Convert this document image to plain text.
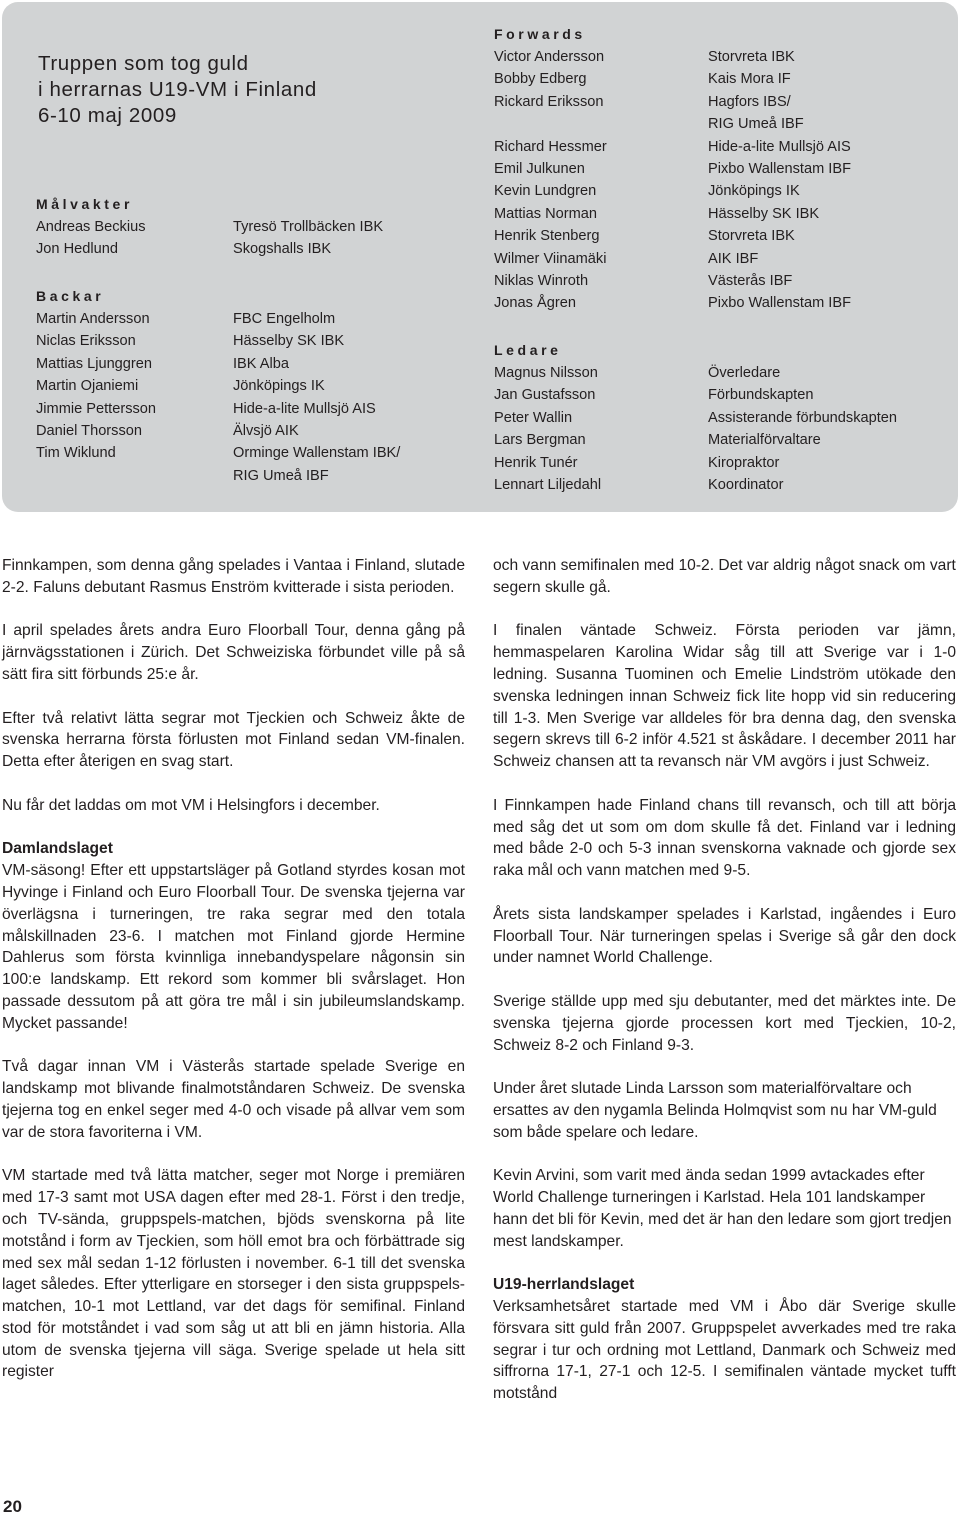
Truppen som tog guld
i herrarnas U19-VM i Finland
6-10 maj 2009
Målvakter
Andreas Beckius
Jon Hedlund
Tyresö Trollbäcken IBK
Skogshalls IBK
Backar
Martin Andersson
Niclas Eriksson
Mattias Ljunggren
Martin Ojaniemi
Jimmie Pettersson
Daniel Thorsson
Tim Wiklund
FBC Engelholm
Hässelby SK IBK
IBK Alba
Jönköpings IK
Hide-a-lite Mullsjö AIS
Älvsjö AIK
Orminge Wallenstam IBK/
RIG Umeå IBF
Forwards
Victor Andersson
Bobby Edberg
Rickard Eriksson

Richard Hessmer
Emil Julkunen
Kevin Lundgren
Mattias Norman
Henrik Stenberg
Wilmer Viinamäki
Niklas Winroth
Jonas Ågren
Storvreta IBK
Kais Mora IF
Hagfors IBS/
RIG Umeå IBF
Hide-a-lite Mullsjö AIS
Pixbo Wallenstam IBF
Jönköpings IK
Hässelby SK IBK
Storvreta IBK
AIK IBF
Västerås IBF
Pixbo Wallenstam IBF
Ledare
Magnus Nilsson
Jan Gustafsson
Peter Wallin
Lars Bergman
Henrik Tunér
Lennart Liljedahl
Överledare
Förbundskapten
Assisterande förbundskapten
Materialförvaltare
Kiropraktor
Koordinator

Finnkampen, som denna gång spelades i Vantaa i Finland, slutade 2-2. Faluns debutant Rasmus Enström kvitterade i sista perioden.

I april spelades årets andra Euro Floorball Tour, denna gång på järnvägsstationen i Zürich. Det Schweiziska förbundet ville på så sätt fira sitt förbunds 25:e år.

Efter två relativt lätta segrar mot Tjeckien och Schweiz åkte de svenska herrarna första förlusten mot Finland sedan VM-finalen. Detta efter återigen en svag start.

Nu får det laddas om mot VM i Helsingfors i december.

Damlandslaget

VM-säsong! Efter ett uppstartsläger på Gotland styrdes kosan mot Hyvinge i Finland och Euro Floorball Tour. De svenska tjejerna var överlägsna i turneringen, tre raka segrar med den totala målskillnaden 23-6. I matchen mot Finland gjorde Hermine Dahlerus som första kvinnliga innebandyspelare någonsin sin 100:e landskamp. Ett rekord som kommer bli svårslaget. Hon passade dessutom på att göra tre mål i sin jubileumslandskamp. Mycket passande!

Två dagar innan VM i Västerås startade spelade Sverige en landskamp mot blivande finalmotståndaren Schweiz. De svenska tjejerna tog en enkel seger med 4-0 och visade på allvar vem som var de stora favoriterna i VM.

VM startade med två lätta matcher, seger mot Norge i premiären med 17-3 samt mot USA dagen efter med 28-1. Först i den tredje, och TV-sända, gruppspels-matchen, bjöds svenskorna på lite motstånd i form av Tjeckien, som höll emot bra och förbättrade sig med sex mål sedan 1-12 förlusten i november. 6-1 till det svenska laget således. Efter ytterligare en storseger i den sista gruppspels-matchen, 10-1 mot Lettland, var det dags för semifinal. Finland stod för motståndet i vad som såg ut att bli en jämn historia. Alla utom de svenska tjejerna vill säga. Sverige spelade ut hela sitt register

och vann semifinalen med 10-2. Det var aldrig något snack om vart segern skulle gå.

I finalen väntade Schweiz. Första perioden var jämn, hemmaspelaren Karolina Widar såg till att Sverige var i 1-0 ledning. Susanna Tuominen och Emelie Lindström utökade den svenska ledningen innan Schweiz fick lite hopp vid sin reducering till 1-3. Men Sverige var alldeles för bra denna dag, den svenska segern skrevs till 6-2 inför 4.521 st åskådare. I december 2011 har Schweiz chansen att ta revansch när VM avgörs i just Schweiz.

I Finnkampen hade Finland chans till revansch, och till att börja med såg det ut som om dom skulle få det. Finland var i ledning med både 2-0 och 5-3 innan svenskorna vaknade och gjorde sex raka mål och vann matchen med 9-5.

Årets sista landskamper spelades i Karlstad, ingåendes i Euro Floorball Tour. När turneringen spelas i Sverige så går den dock under namnet World Challenge.

Sverige ställde upp med sju debutanter, med det märktes inte. De svenska tjejerna gjorde processen kort med Tjeckien, 10-2, Schweiz 8-2 och Finland 9-3.

Under året slutade Linda Larsson som materialförvaltare och ersattes av den nygamla Belinda Holmqvist som nu har VM-guld som både spelare och ledare.

Kevin Arvini, som varit med ända sedan 1999 avtackades efter World Challenge turneringen i Karlstad. Hela 101 landskamper hann det bli för Kevin, med det är han den ledare som gjort tredjen mest landskamper.

U19-herrlandslaget

Verksamhetsåret startade med VM i Åbo där Sverige skulle försvara sitt guld från 2007. Gruppspelet avverkades med tre raka segrar i tur och ordning mot Lettland, Danmark och Schweiz med siffrorna 17-1, 27-1 och 12-5. I semifinalen väntade mycket tufft motstånd

20
